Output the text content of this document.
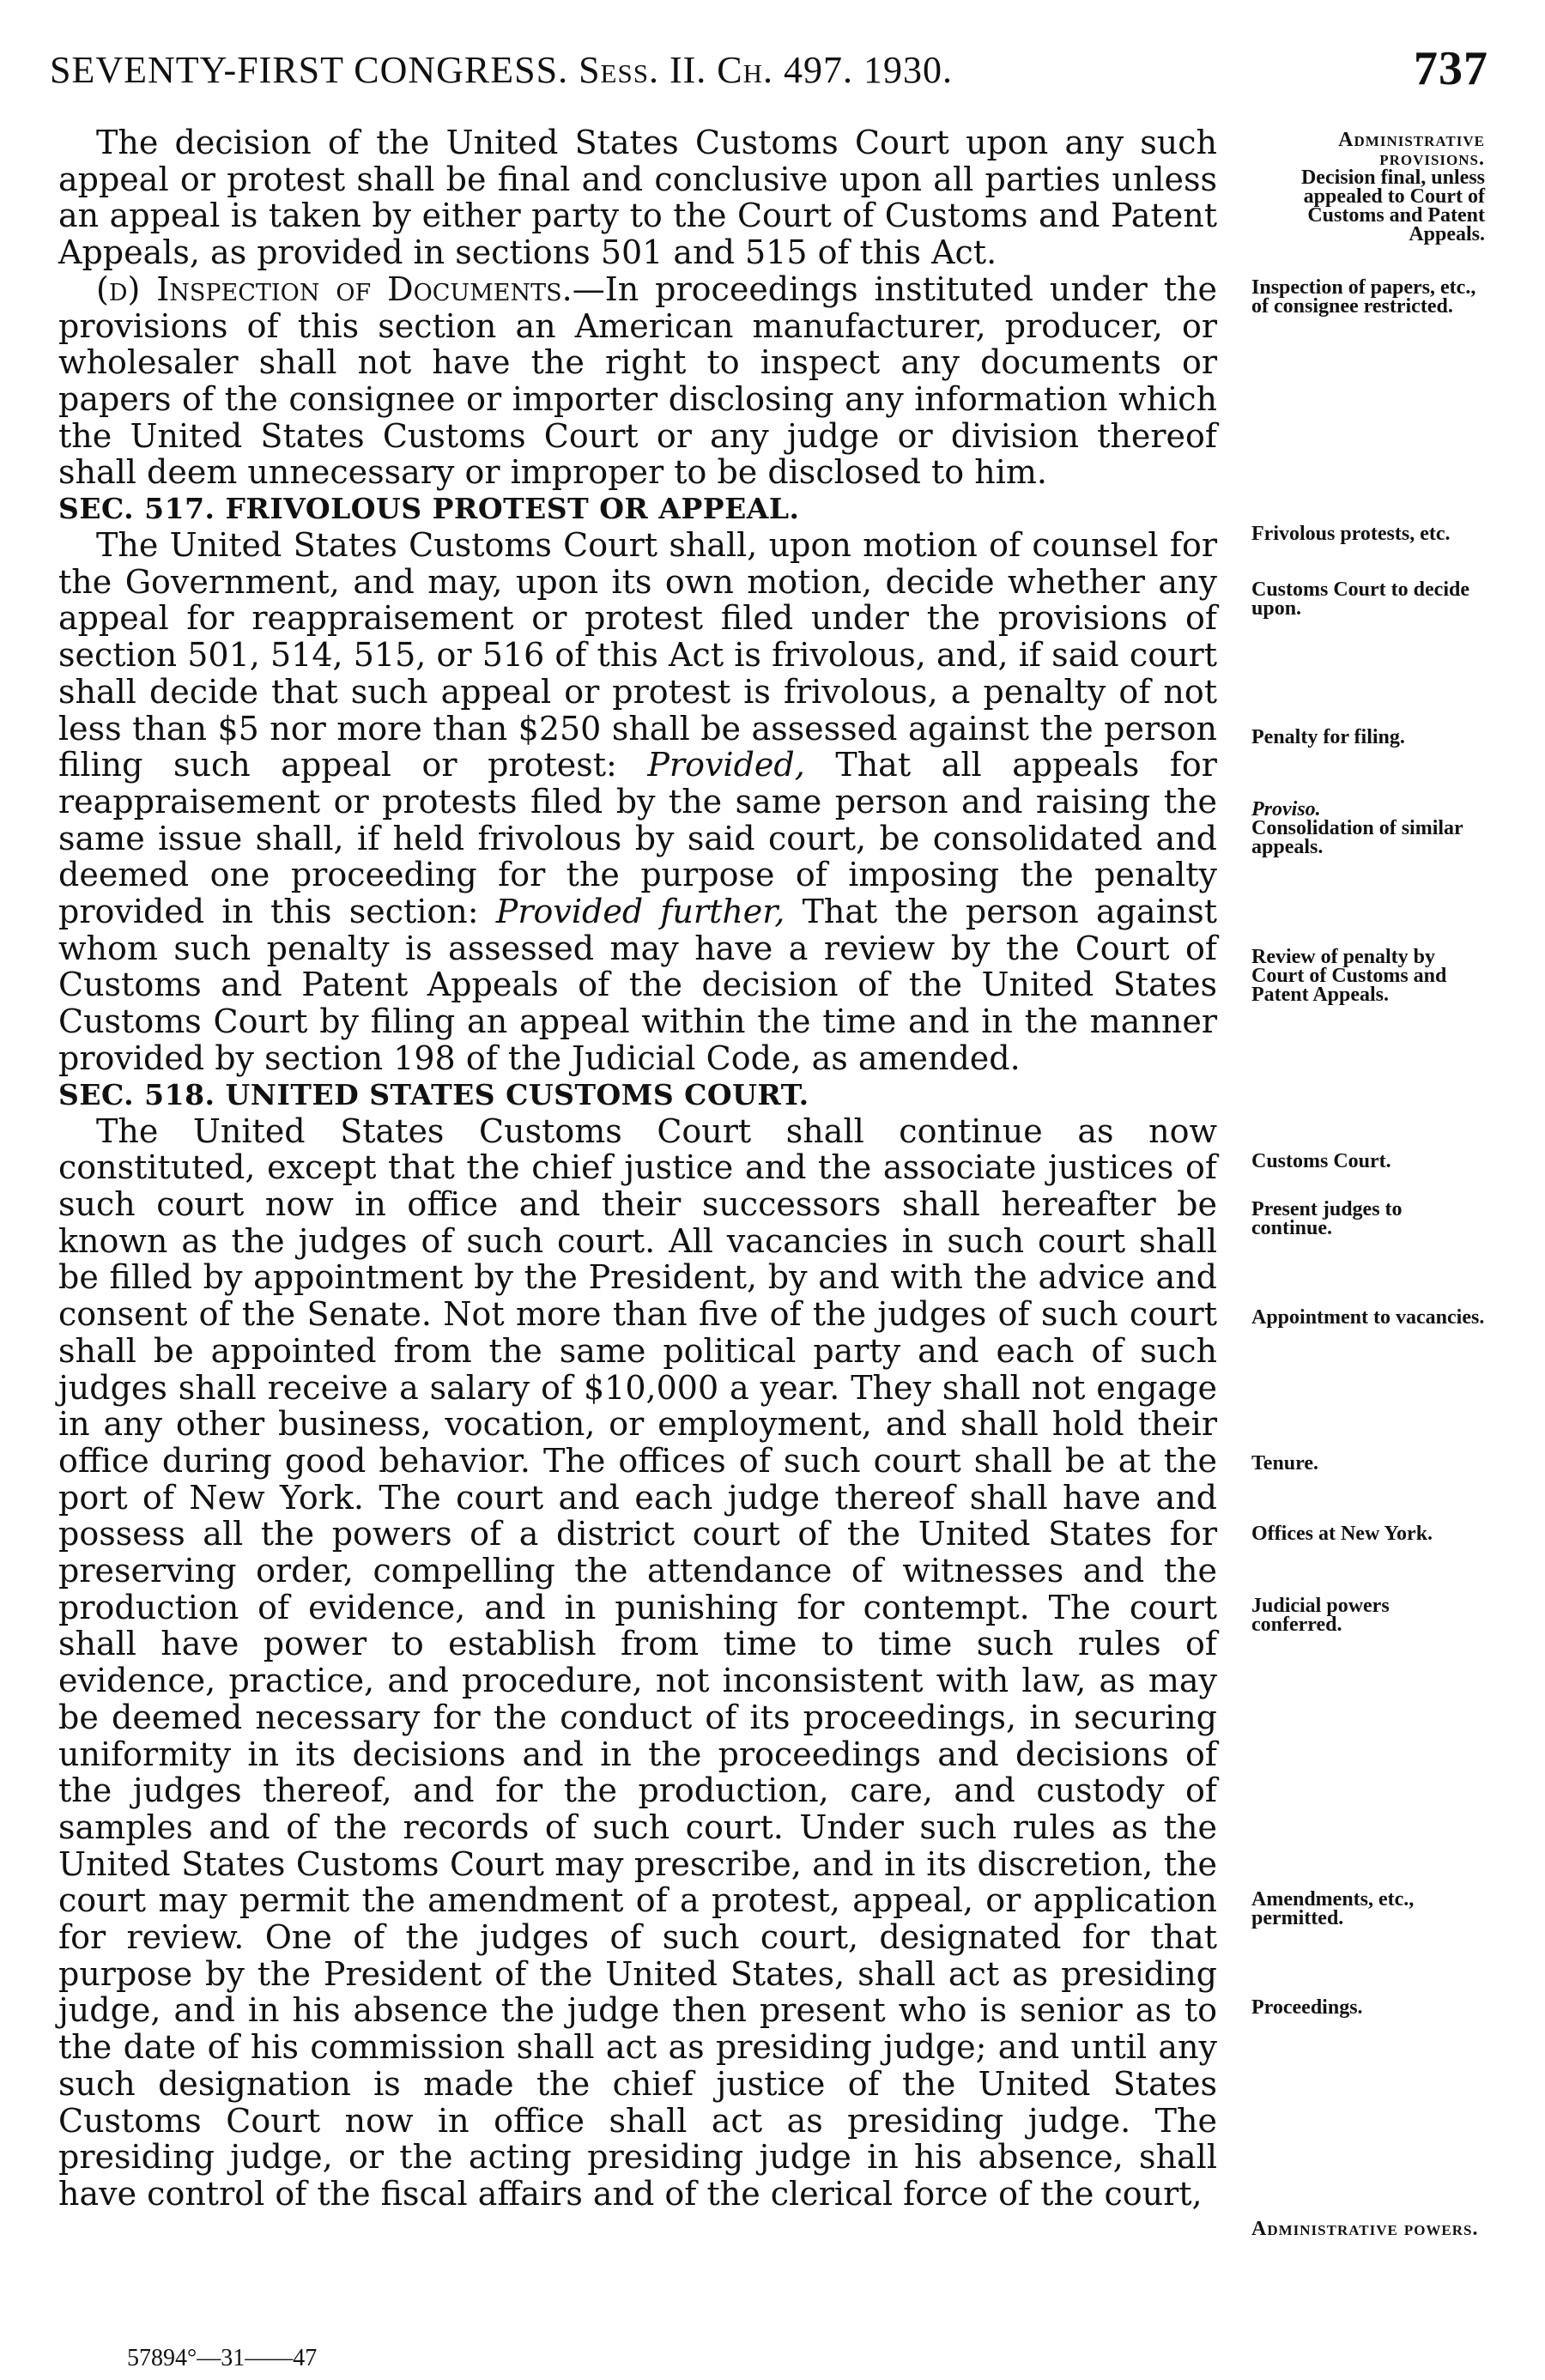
SEVENTY-FIRST CONGRESS. Sess. II. Ch. 497. 1930.	737

The decision of the United States Customs Court upon any such appeal or protest shall be final and conclusive upon all parties unless an appeal is taken by either party to the Court of Customs and Patent Appeals, as provided in sections 501 and 515 of this Act.

(d) Inspection of Documents.—In proceedings instituted under the provisions of this section an American manufacturer, producer, or wholesaler shall not have the right to inspect any documents or papers of the consignee or importer disclosing any information which the United States Customs Court or any judge or division thereof shall deem unnecessary or improper to be disclosed to him.

SEC. 517. FRIVOLOUS PROTEST OR APPEAL.

The United States Customs Court shall, upon motion of counsel for the Government, and may, upon its own motion, decide whether any appeal for reappraisement or protest filed under the provisions of section 501, 514, 515, or 516 of this Act is frivolous, and, if said court shall decide that such appeal or protest is frivolous, a penalty of not less than $5 nor more than $250 shall be assessed against the person filing such appeal or protest: Provided, That all appeals for reappraisement or protests filed by the same person and raising the same issue shall, if held frivolous by said court, be consolidated and deemed one proceeding for the purpose of imposing the penalty provided in this section: Provided further, That the person against whom such penalty is assessed may have a review by the Court of Customs and Patent Appeals of the decision of the United States Customs Court by filing an appeal within the time and in the manner provided by section 198 of the Judicial Code, as amended.

SEC. 518. UNITED STATES CUSTOMS COURT.

The United States Customs Court shall continue as now constituted, except that the chief justice and the associate justices of such court now in office and their successors shall hereafter be known as the judges of such court. All vacancies in such court shall be filled by appointment by the President, by and with the advice and consent of the Senate. Not more than five of the judges of such court shall be appointed from the same political party and each of such judges shall receive a salary of $10,000 a year. They shall not engage in any other business, vocation, or employment, and shall hold their office during good behavior. The offices of such court shall be at the port of New York. The court and each judge thereof shall have and possess all the powers of a district court of the United States for preserving order, compelling the attendance of witnesses and the production of evidence, and in punishing for contempt. The court shall have power to establish from time to time such rules of evidence, practice, and procedure, not inconsistent with law, as may be deemed necessary for the conduct of its proceedings, in securing uniformity in its decisions and in the proceedings and decisions of the judges thereof, and for the production, care, and custody of samples and of the records of such court. Under such rules as the United States Customs Court may prescribe, and in its discretion, the court may permit the amendment of a protest, appeal, or application for review. One of the judges of such court, designated for that purpose by the President of the United States, shall act as presiding judge, and in his absence the judge then present who is senior as to the date of his commission shall act as presiding judge; and until any such designation is made the chief justice of the United States Customs Court now in office shall act as presiding judge. The presiding judge, or the acting presiding judge in his absence, shall have control of the fiscal affairs and of the clerical force of the court,

Administrative provisions.
Decision final, unless appealed to Court of Customs and Patent Appeals.
Inspection of papers, etc., of consignee restricted.
Frivolous protests, etc.
Customs Court to decide upon.
Penalty for filing.
Proviso.
Consolidation of similar appeals.
Review of penalty by Court of Customs and Patent Appeals.
Customs Court.
Present judges to continue.
Appointment to vacancies.
Tenure.
Offices at New York.
Judicial powers conferred.
Amendments, etc., permitted.
Proceedings.
Administrative powers.
57894°—31——47
